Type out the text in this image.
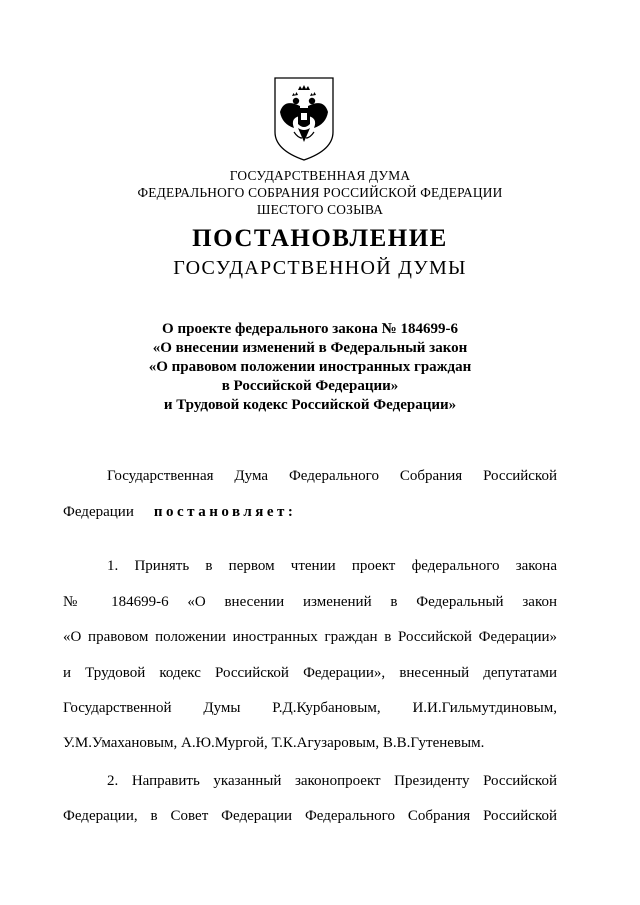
ГОСУДАРСТВЕННАЯ ДУМА
ФЕДЕРАЛЬНОГО СОБРАНИЯ РОССИЙСКОЙ ФЕДЕРАЦИИ
ШЕСТОГО СОЗЫВА
ПОСТАНОВЛЕНИЕ
ГОСУДАРСТВЕННОЙ ДУМЫ
О проекте федерального закона № 184699-6
«О внесении изменений в Федеральный закон
«О правовом положении иностранных граждан
в Российской Федерации»
и Трудовой кодекс Российской Федерации»
Государственная Дума Федерального Собрания Российской
Федерации постановляет:
1. Принять в первом чтении проект федерального закона
№ 184699-6 «О внесении изменений в Федеральный закон
«О правовом положении иностранных граждан в Российской Федерации»
и Трудовой кодекс Российской Федерации», внесенный депутатами
Государственной Думы Р.Д.Курбановым, И.И.Гильмутдиновым,
У.М.Умахановым, А.Ю.Мургой, Т.К.Агузаровым, В.В.Гутеневым.
2. Направить указанный законопроект Президенту Российской
Федерации, в Совет Федерации Федерального Собрания Российской
